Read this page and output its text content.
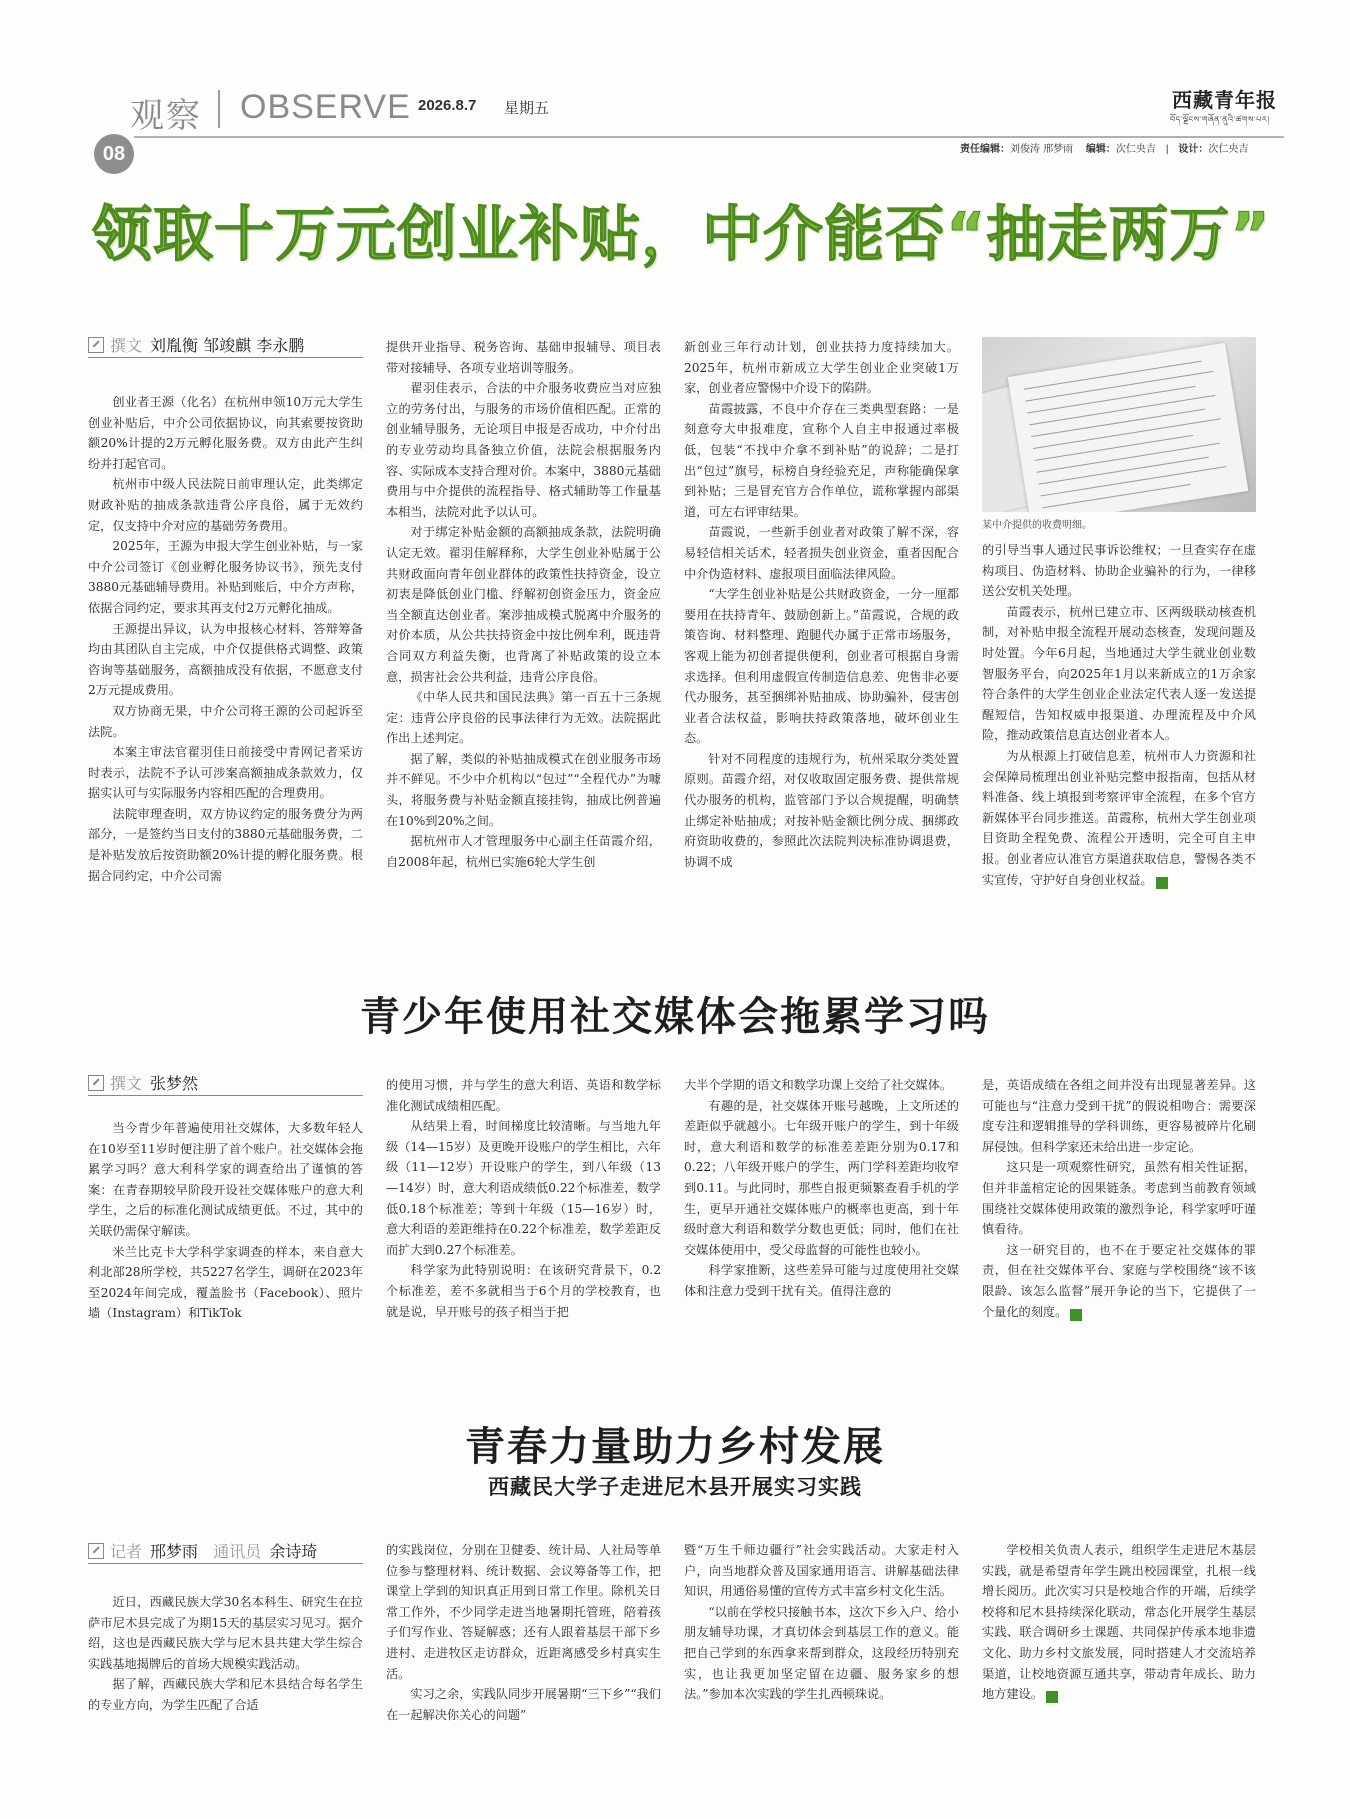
观察 OBSERVE 2026.8.7 星期五	西藏青年报
བོད་ལྗོངས་གཞོན་ནུའི་ཚགས་པར།
08	责任编辑：刘俊涛 邢梦雨 编辑：次仁央吉   |   设计：次仁央吉
领取十万元创业补贴，中介能否“抽走两万”
撰文 刘胤衡 邹竣麒 李永鹏

创业者王源（化名）在杭州申领10万元大学生创业补贴后，中介公司依据协议，向其索要按资助额20%计提的2万元孵化服务费。双方由此产生纠纷并打起官司。

杭州市中级人民法院日前审理认定，此类绑定财政补贴的抽成条款违背公序良俗，属于无效约定，仅支持中介对应的基础劳务费用。

2025年，王源为申报大学生创业补贴，与一家中介公司签订《创业孵化服务协议书》，预先支付3880元基础辅导费用。补贴到账后，中介方声称，依据合同约定，要求其再支付2万元孵化抽成。

王源提出异议，认为申报核心材料、答辩筹备均由其团队自主完成，中介仅提供格式调整、政策咨询等基础服务，高额抽成没有依据，不愿意支付2万元提成费用。

双方协商无果，中介公司将王源的公司起诉至法院。

本案主审法官翟羽佳日前接受中青网记者采访时表示，法院不予认可涉案高额抽成条款效力，仅据实认可与实际服务内容相匹配的合理费用。

法院审理查明，双方协议约定的服务费分为两部分，一是签约当日支付的3880元基础服务费，二是补贴发放后按资助额20%计提的孵化服务费。根据合同约定，中介公司需

提供开业指导、税务咨询、基础申报辅导、项目表带对接辅导、各项专业培训等服务。

翟羽佳表示，合法的中介服务收费应当对应独立的劳务付出，与服务的市场价值相匹配。正常的创业辅导服务，无论项目申报是否成功，中介付出的专业劳动均具备独立价值，法院会根据服务内容、实际成本支持合理对价。本案中，3880元基础费用与中介提供的流程指导、格式辅助等工作量基本相当，法院对此予以认可。

对于绑定补贴金额的高额抽成条款，法院明确认定无效。翟羽佳解释称，大学生创业补贴属于公共财政面向青年创业群体的政策性扶持资金，设立初衷是降低创业门槛、纾解初创资金压力，资金应当全额直达创业者。案涉抽成模式脱离中介服务的对价本质，从公共扶持资金中按比例牟利，既违背合同双方利益失衡，也背离了补贴政策的设立本意，损害社会公共利益，违背公序良俗。

《中华人民共和国民法典》第一百五十三条规定：违背公序良俗的民事法律行为无效。法院据此作出上述判定。

据了解，类似的补贴抽成模式在创业服务市场并不鲜见。不少中介机构以“包过”“全程代办”为噱头，将服务费与补贴金额直接挂钩，抽成比例普遍在10%到20%之间。

据杭州市人才管理服务中心副主任苗霞介绍，自2008年起，杭州已实施6轮大学生创

新创业三年行动计划，创业扶持力度持续加大。2025年，杭州市新成立大学生创业企业突破1万家，创业者应警惕中介设下的陷阱。

苗霞披露，不良中介存在三类典型套路：一是刻意夸大申报难度，宣称个人自主申报通过率极低，包装“不找中介拿不到补贴”的说辞；二是打出“包过”旗号，标榜自身经验充足，声称能确保拿到补贴；三是冒充官方合作单位，谎称掌握内部渠道，可左右评审结果。

苗霞说，一些新手创业者对政策了解不深，容易轻信相关话术，轻者损失创业资金，重者因配合中介伪造材料、虚报项目面临法律风险。

“大学生创业补贴是公共财政资金，一分一厘都要用在扶持青年、鼓励创新上。”苗霞说，合规的政策咨询、材料整理、跑腿代办属于正常市场服务，客观上能为初创者提供便利，创业者可根据自身需求选择。但利用虚假宣传制造信息差、兜售非必要代办服务，甚至捆绑补贴抽成、协助骗补，侵害创业者合法权益，影响扶持政策落地，破坏创业生态。

针对不同程度的违规行为，杭州采取分类处置原则。苗霞介绍，对仅收取固定服务费、提供常规代办服务的机构，监管部门予以合规提醒，明确禁止绑定补贴抽成；对按补贴金额比例分成、捆绑政府资助收费的，参照此次法院判决标准协调退费，协调不成

某中介提供的收费明细。

的引导当事人通过民事诉讼维权；一旦查实存在虚构项目、伪造材料、协助企业骗补的行为，一律移送公安机关处理。

苗霞表示，杭州已建立市、区两级联动核查机制，对补贴申报全流程开展动态核查，发现问题及时处置。今年6月起，当地通过大学生就业创业数智服务平台，向2025年1月以来新成立的1万余家符合条件的大学生创业企业法定代表人逐一发送提醒短信，告知权威申报渠道、办理流程及中介风险，推动政策信息直达创业者本人。

为从根源上打破信息差，杭州市人力资源和社会保障局梳理出创业补贴完整申报指南，包括从材料准备、线上填报到考察评审全流程，在多个官方新媒体平台同步推送。苗霞称，杭州大学生创业项目资助全程免费、流程公开透明，完全可自主申报。创业者应认准官方渠道获取信息，警惕各类不实宣传，守护好自身创业权益。	青

青少年使用社交媒体会拖累学习吗
撰文 张梦然

当今青少年普遍使用社交媒体，大多数年轻人在10岁至11岁时便注册了首个账户。社交媒体会拖累学习吗？意大利科学家的调查给出了谨慎的答案：在青春期较早阶段开设社交媒体账户的意大利学生，之后的标准化测试成绩更低。不过，其中的关联仍需保守解读。

米兰比克卡大学科学家调查的样本，来自意大利北部28所学校，共5227名学生，调研在2023年至2024年间完成，覆盖脸书（Facebook）、照片墙（Instagram）和TikTok

的使用习惯，并与学生的意大利语、英语和数学标准化测试成绩相匹配。

从结果上看，时间梯度比较清晰。与当地九年级（14—15岁）及更晚开设账户的学生相比，六年级（11—12岁）开设账户的学生，到八年级（13—14岁）时，意大利语成绩低0.22个标准差，数学低0.18个标准差；等到十年级（15—16岁）时，意大利语的差距维持在0.22个标准差，数学差距反而扩大到0.27个标准差。

科学家为此特别说明：在该研究背景下，0.2个标准差，差不多就相当于6个月的学校教育，也就是说，早开账号的孩子相当于把

大半个学期的语文和数学功课上交给了社交媒体。

有趣的是，社交媒体开账号越晚，上文所述的差距似乎就越小。七年级开账户的学生，到十年级时，意大利语和数学的标准差差距分别为0.17和0.22；八年级开账户的学生，两门学科差距均收窄到0.11。与此同时，那些自报更频繁查看手机的学生，更早开通社交媒体账户的概率也更高，到十年级时意大利语和数学分数也更低；同时，他们在社交媒体使用中，受父母监督的可能性也较小。

科学家推断，这些差异可能与过度使用社交媒体和注意力受到干扰有关。值得注意的

是，英语成绩在各组之间并没有出现显著差异。这可能也与“注意力受到干扰”的假说相吻合：需要深度专注和逻辑推导的学科训练，更容易被碎片化刷屏侵蚀。但科学家还未给出进一步定论。

这只是一项观察性研究，虽然有相关性证据，但并非盖棺定论的因果链条。考虑到当前教育领域围绕社交媒体使用政策的激烈争论，科学家呼吁谨慎看待。

这一研究目的，也不在于要定社交媒体的罪责，但在社交媒体平台、家庭与学校围绕“该不该限龄、该怎么监督”展开争论的当下，它提供了一个量化的刻度。	青

青春力量助力乡村发展
西藏民大学子走进尼木县开展实习实践
记者 邢梦雨 通讯员 余诗琦

近日，西藏民族大学30名本科生、研究生在拉萨市尼木县完成了为期15天的基层实习见习。据介绍，这也是西藏民族大学与尼木县共建大学生综合实践基地揭牌后的首场大规模实践活动。

据了解，西藏民族大学和尼木县结合每名学生的专业方向，为学生匹配了合适

的实践岗位，分别在卫健委、统计局、人社局等单位参与整理材料、统计数据、会议筹备等工作，把课堂上学到的知识真正用到日常工作里。除机关日常工作外，不少同学走进当地暑期托管班，陪着孩子们写作业、答疑解惑；还有人跟着基层干部下乡进村、走进牧区走访群众，近距离感受乡村真实生活。

实习之余，实践队同步开展暑期“三下乡”“我们在一起解决你关心的问题”

暨“万生千师边疆行”社会实践活动。大家走村入户，向当地群众普及国家通用语言、讲解基础法律知识，用通俗易懂的宣传方式丰富乡村文化生活。

“以前在学校只接触书本，这次下乡入户、给小朋友辅导功课，才真切体会到基层工作的意义。能把自己学到的东西拿来帮到群众，这段经历特别充实，也让我更加坚定留在边疆、服务家乡的想法。”参加本次实践的学生扎西顿珠说。

学校相关负责人表示，组织学生走进尼木基层实践，就是希望青年学生跳出校园课堂，扎根一线增长阅历。此次实习只是校地合作的开端，后续学校将和尼木县持续深化联动，常态化开展学生基层实践、联合调研乡土课题、共同保护传承本地非遗文化、助力乡村文旅发展，同时搭建人才交流培养渠道，让校地资源互通共享，带动青年成长、助力地方建设。	青
